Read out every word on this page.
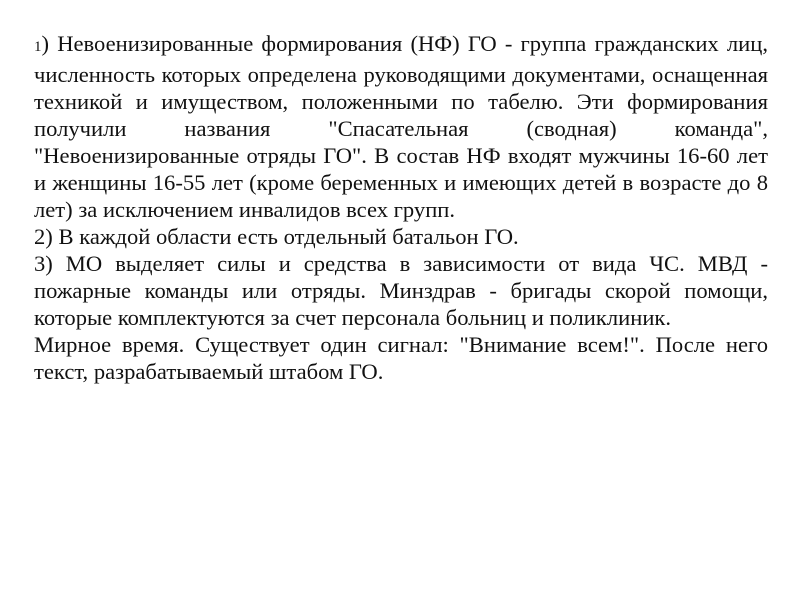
1) Невоенизированные формирования (НФ) ГО - группа гражданских лиц, численность которых определена руководящими документами, оснащенная техникой и имуществом, положенными по табелю. Эти формирования получили названия "Спасательная (сводная) команда", "Невоенизированные отряды ГО". В состав НФ входят мужчины 16-60 лет и женщины 16-55 лет (кроме беременных и имеющих детей в возрасте до 8 лет) за исключением инвалидов всех групп.

2) В каждой области есть отдельный батальон ГО.

3) МО выделяет силы и средства в зависимости от вида ЧС. МВД - пожарные команды или отряды. Минздрав - бригады скорой помощи, которые комплектуются за счет персонала больниц и поликлиник.

Мирное время. Существует один сигнал: "Внимание всем!". После него текст, разрабатываемый штабом ГО.
